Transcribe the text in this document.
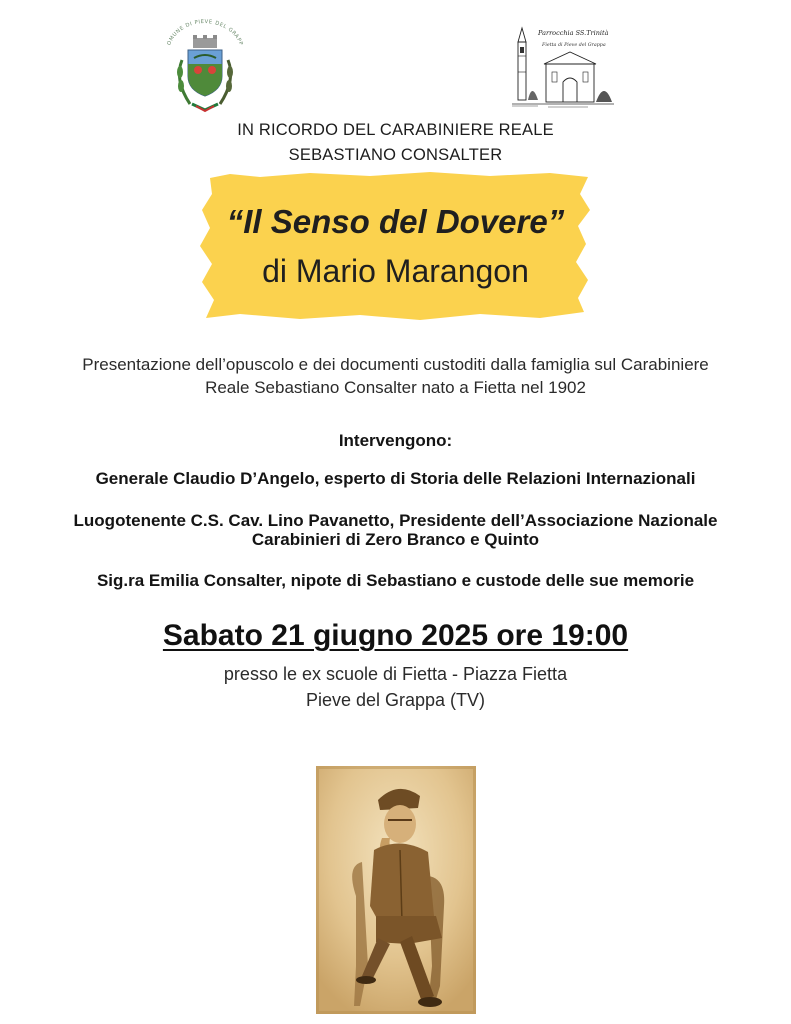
OMUNE DI PIEVE DEL GRAPP
Parrocchia SS.Trinità
Fietta di Pieve del Grappa
IN RICORDO DEL CARABINIERE REALE
SEBASTIANO CONSALTER
“Il Senso del Dovere”
di Mario Marangon
Presentazione dell’opuscolo e dei documenti custoditi dalla famiglia sul Carabiniere
Reale Sebastiano Consalter nato a Fietta nel 1902
Intervengono:
Generale Claudio D’Angelo, esperto di Storia delle Relazioni Internazionali
Luogotenente C.S. Cav. Lino Pavanetto, Presidente dell’Associazione Nazionale
Carabinieri di Zero Branco e Quinto
Sig.ra Emilia Consalter, nipote di Sebastiano e custode delle sue memorie
Sabato 21 giugno 2025 ore 19:00
presso le ex scuole di Fietta - Piazza Fietta
Pieve del Grappa (TV)
